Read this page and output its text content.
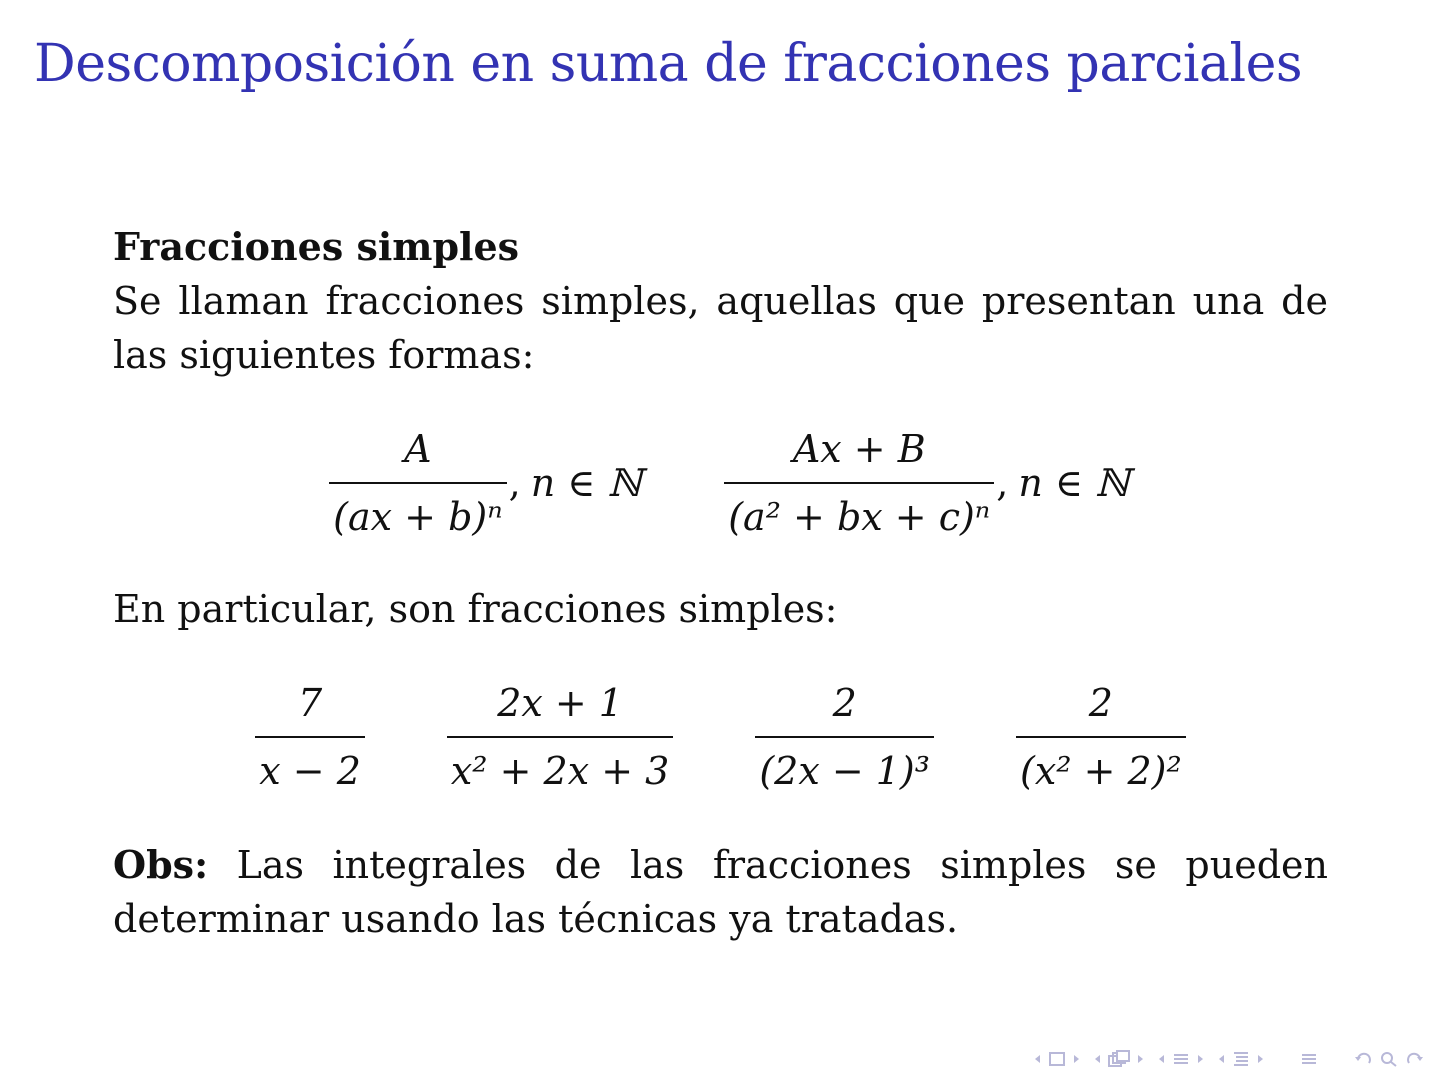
Descomposición en suma de fracciones parciales

Fracciones simples

Se llaman fracciones simples, aquellas que presentan una de las siguientes formas:

$\frac{A}{\text{(ax + b)ⁿ}}$ , n ∈ ℕ $\frac{Ax + B}{\text{(a² + bx + c)ⁿ}}$ , n ∈ ℕ

En particular, son fracciones simples:

$\frac{7}{x - 2} \frac{2x + 1}{\text{x² + 2x + 3}} \frac{2}{\text{(2x − 1)³}} \frac{2}{\text{(x² + 2)²}}$

Obs: Las integrales de las fracciones simples se pueden determinar usando las técnicas ya tratadas.
